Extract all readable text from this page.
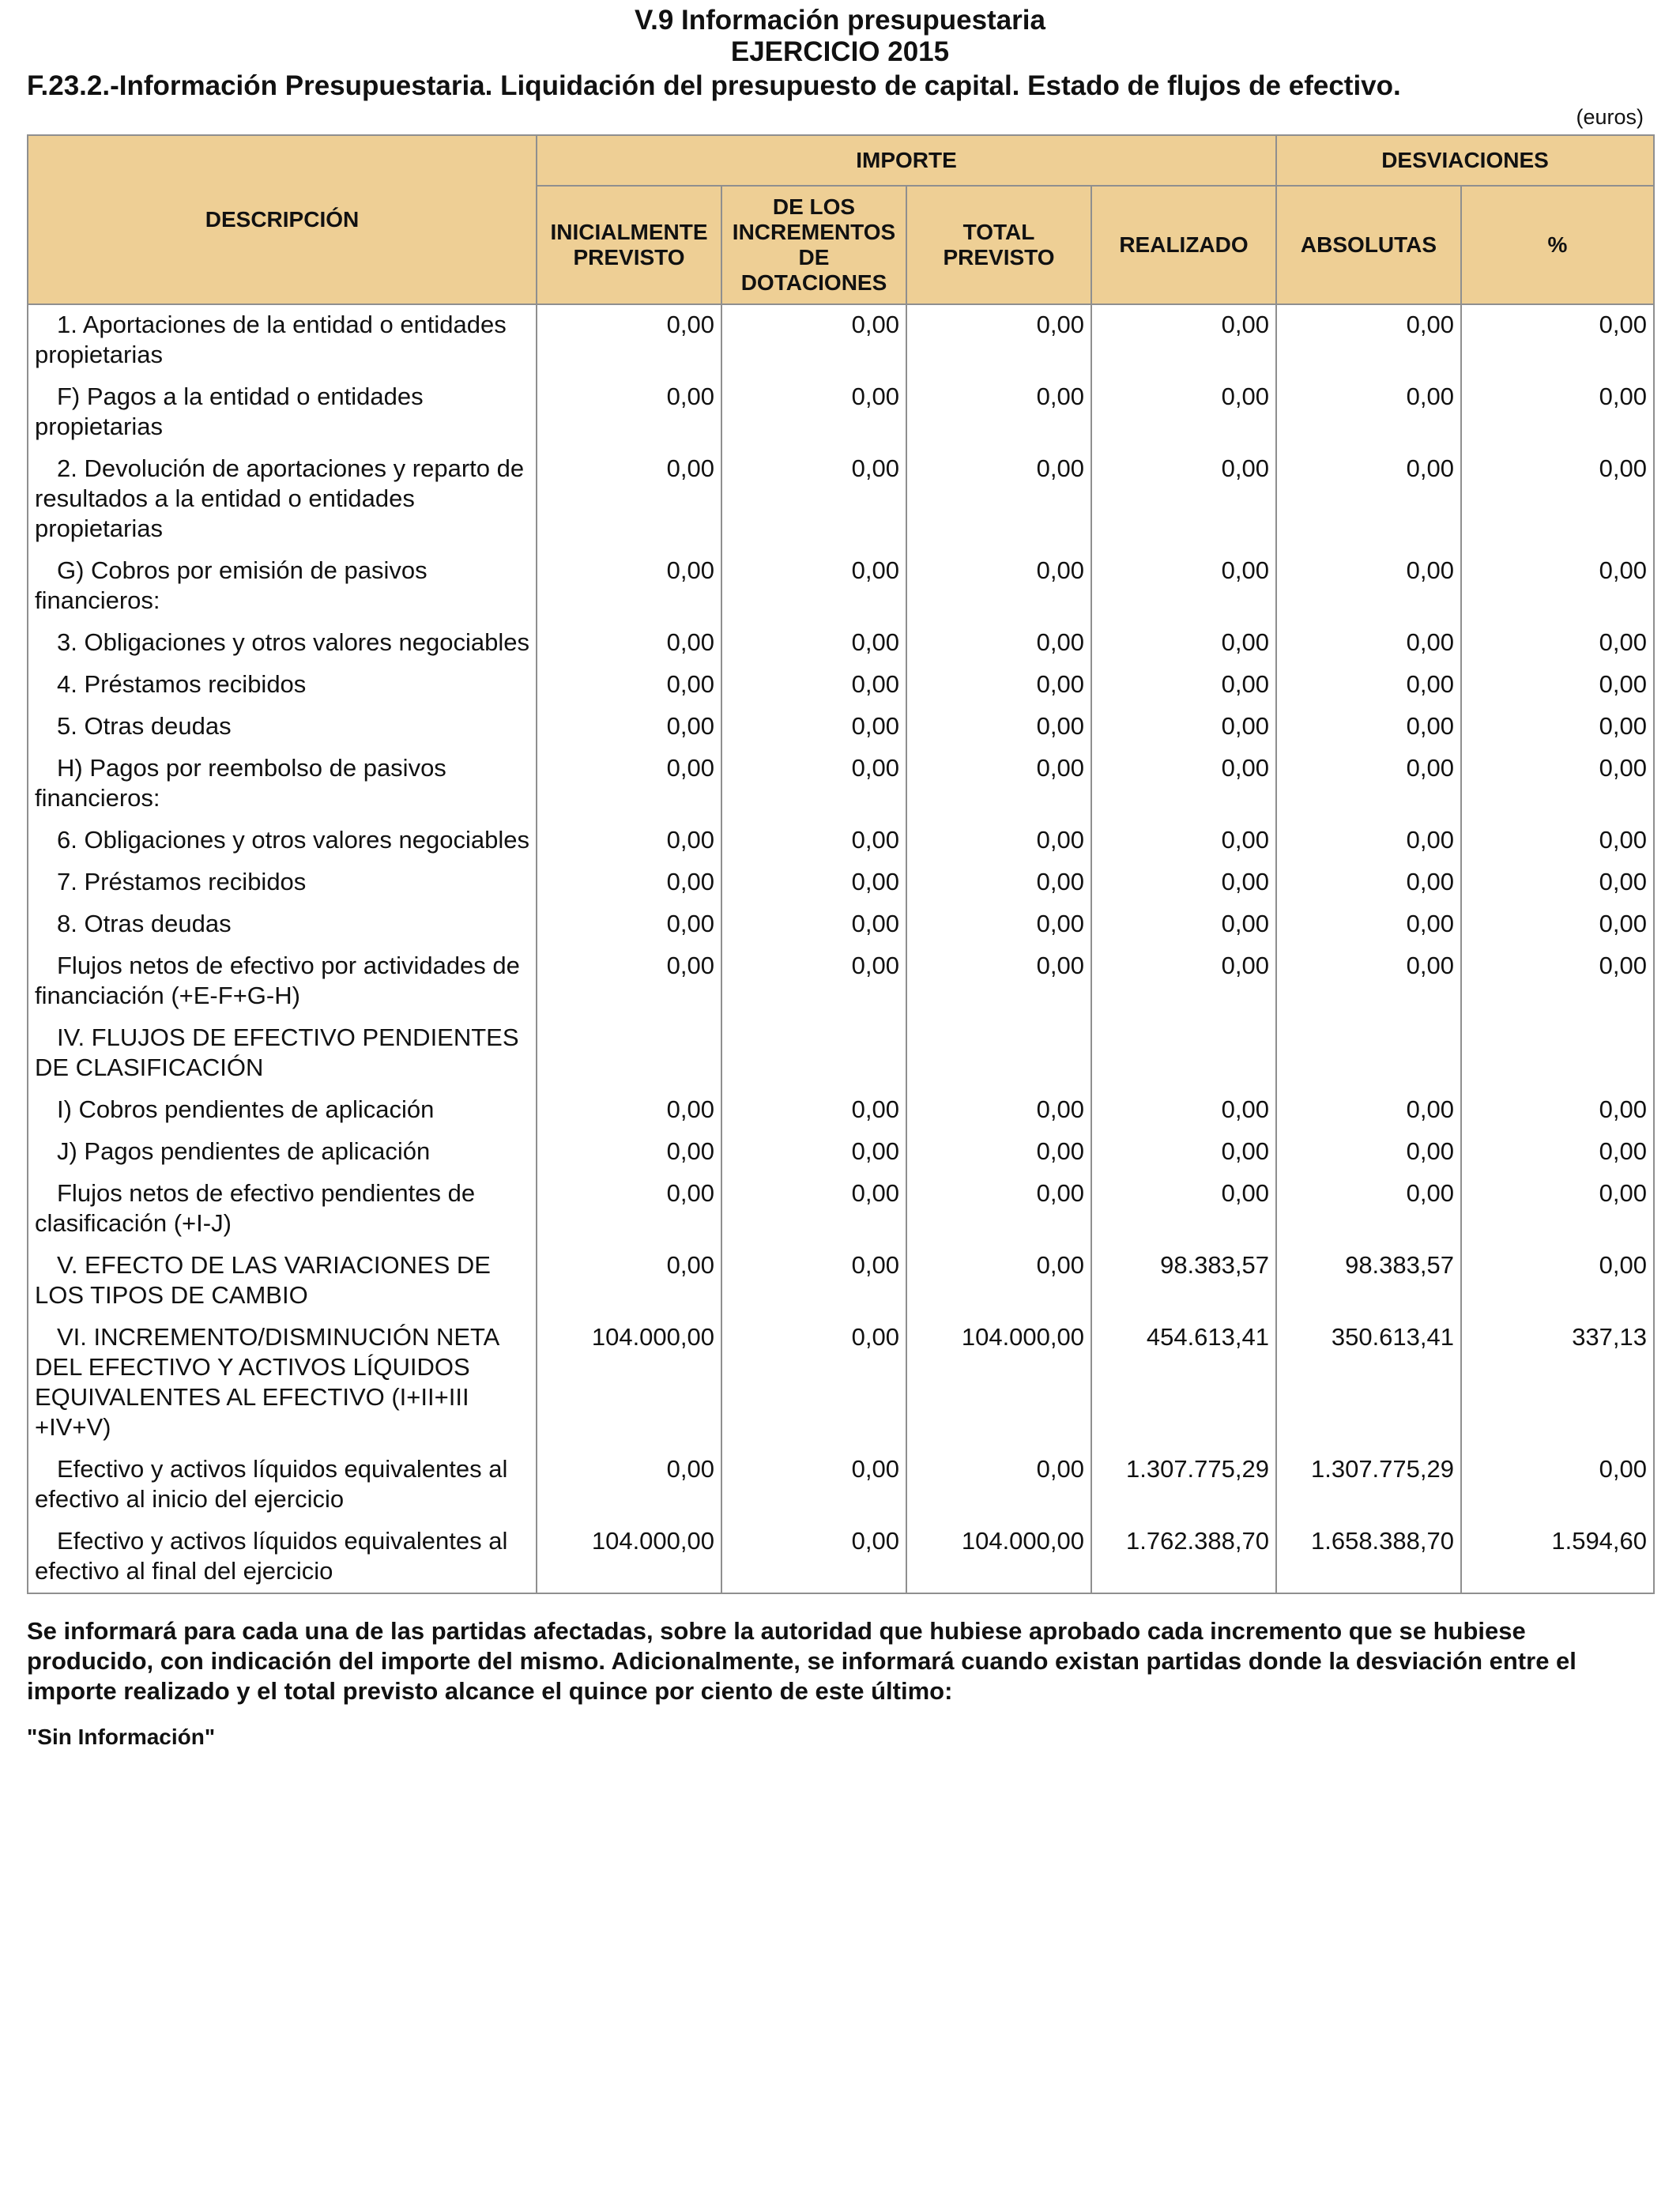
V.9 Información presupuestaria
EJERCICIO 2015
F.23.2.-Información Presupuestaria. Liquidación del presupuesto de capital. Estado de flujos de efectivo.
(euros)
DESCRIPCIÓN	IMPORTE				DESVIACIONES	
	INICIALMENTE PREVISTO	DE LOS INCREMENTOS DE DOTACIONES	TOTAL PREVISTO	REALIZADO	ABSOLUTAS	%
1. Aportaciones de la entidad o entidades propietarias	0,00	0,00	0,00	0,00	0,00	0,00
F) Pagos a la entidad o entidades propietarias	0,00	0,00	0,00	0,00	0,00	0,00
2. Devolución de aportaciones y reparto de resultados a la entidad o entidades propietarias	0,00	0,00	0,00	0,00	0,00	0,00
G) Cobros por emisión de pasivos financieros:	0,00	0,00	0,00	0,00	0,00	0,00
3. Obligaciones y otros valores negociables	0,00	0,00	0,00	0,00	0,00	0,00
4. Préstamos recibidos	0,00	0,00	0,00	0,00	0,00	0,00
5. Otras deudas	0,00	0,00	0,00	0,00	0,00	0,00
H) Pagos por reembolso de pasivos financieros:	0,00	0,00	0,00	0,00	0,00	0,00
6. Obligaciones y otros valores negociables	0,00	0,00	0,00	0,00	0,00	0,00
7. Préstamos recibidos	0,00	0,00	0,00	0,00	0,00	0,00
8. Otras deudas	0,00	0,00	0,00	0,00	0,00	0,00
Flujos netos de efectivo por actividades de financiación (+E-F+G-H)	0,00	0,00	0,00	0,00	0,00	0,00
IV. FLUJOS DE EFECTIVO PENDIENTES DE CLASIFICACIÓN						
I) Cobros pendientes de aplicación	0,00	0,00	0,00	0,00	0,00	0,00
J) Pagos pendientes de aplicación	0,00	0,00	0,00	0,00	0,00	0,00
Flujos netos de efectivo pendientes de clasificación (+I-J)	0,00	0,00	0,00	0,00	0,00	0,00
V. EFECTO DE LAS VARIACIONES DE LOS TIPOS DE CAMBIO	0,00	0,00	0,00	98.383,57	98.383,57	0,00
VI. INCREMENTO/DISMINUCIÓN NETA DEL EFECTIVO Y ACTIVOS LÍQUIDOS EQUIVALENTES AL EFECTIVO (I+II+III +IV+V)	104.000,00	0,00	104.000,00	454.613,41	350.613,41	337,13
Efectivo y activos líquidos equivalentes al efectivo al inicio del ejercicio	0,00	0,00	0,00	1.307.775,29	1.307.775,29	0,00
Efectivo y activos líquidos equivalentes al efectivo al final del ejercicio	104.000,00	0,00	104.000,00	1.762.388,70	1.658.388,70	1.594,60
Se informará para cada una de las partidas afectadas, sobre la autoridad que hubiese aprobado cada incremento que se hubiese producido, con indicación del importe del mismo. Adicionalmente, se informará cuando existan partidas donde la desviación entre el importe realizado y el total previsto alcance el quince por ciento de este último:
"Sin Información"
